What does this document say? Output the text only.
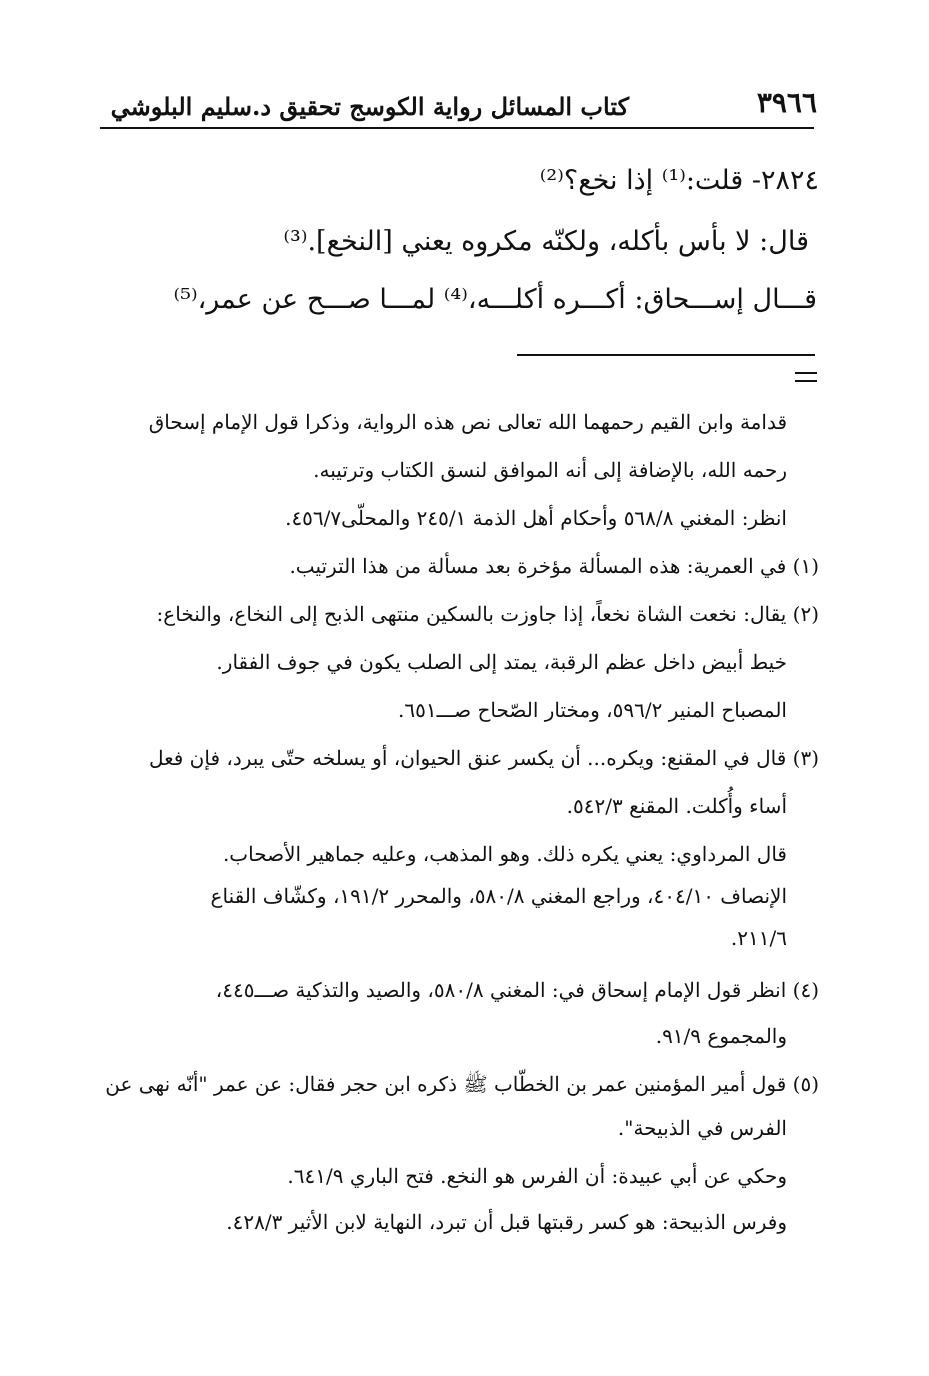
٣٩٦٦
كتاب المسائل رواية الكوسج تحقيق د.سليم البلوشي
٢٨٢٤- قلت:⁽¹⁾ إذا نخع؟⁽²⁾
قال: لا بأس بأكله، ولكنّه مكروه يعني [النخع].⁽³⁾
قـــال إســـحاق: أكـــره أكلـــه،⁽⁴⁾ لمـــا صـــح عن عمر،⁽⁵⁾
قدامة وابن القيم رحمهما الله تعالى نص هذه الرواية، وذكرا قول الإمام إسحاق
رحمه الله، بالإضافة إلى أنه الموافق لنسق الكتاب وترتيبه.
انظر: المغني ٥٦٨/٨ وأحكام أهل الذمة ٢٤٥/١ والمحلّى٤٥٦/٧.
(١) في العمرية: هذه المسألة مؤخرة بعد مسألة من هذا الترتيب.
(٢) يقال: نخعت الشاة نخعاً، إذا جاوزت بالسكين منتهى الذبح إلى النخاع، والنخاع:
خيط أبيض داخل عظم الرقبة، يمتد إلى الصلب يكون في جوف الفقار.
المصباح المنير ٥٩٦/٢، ومختار الصّحاح صـــ٦٥١.
(٣) قال في المقنع: ويكره... أن يكسر عنق الحيوان، أو يسلخه حتّى يبرد، فإن فعل
أساء وأُكلت. المقنع ٥٤٢/٣.
قال المرداوي: يعني يكره ذلك. وهو المذهب، وعليه جماهير الأصحاب.
الإنصاف ٤٠٤/١٠، وراجع المغني ٥٨٠/٨، والمحرر ١٩١/٢، وكشّاف القناع
٢١١/٦.
(٤) انظر قول الإمام إسحاق في: المغني ٥٨٠/٨، والصيد والتذكية صـــ٤٤٥،
والمجموع ٩١/٩.
(٥) قول أمير المؤمنين عمر بن الخطّاب ﷺ ذكره ابن حجر فقال: عن عمر "أنّه نهى عن
الفرس في الذبيحة".
وحكي عن أبي عبيدة: أن الفرس هو النخع. فتح الباري ٦٤١/٩.
وفرس الذبيحة: هو كسر رقبتها قبل أن تبرد، النهاية لابن الأثير ٤٢٨/٣.
